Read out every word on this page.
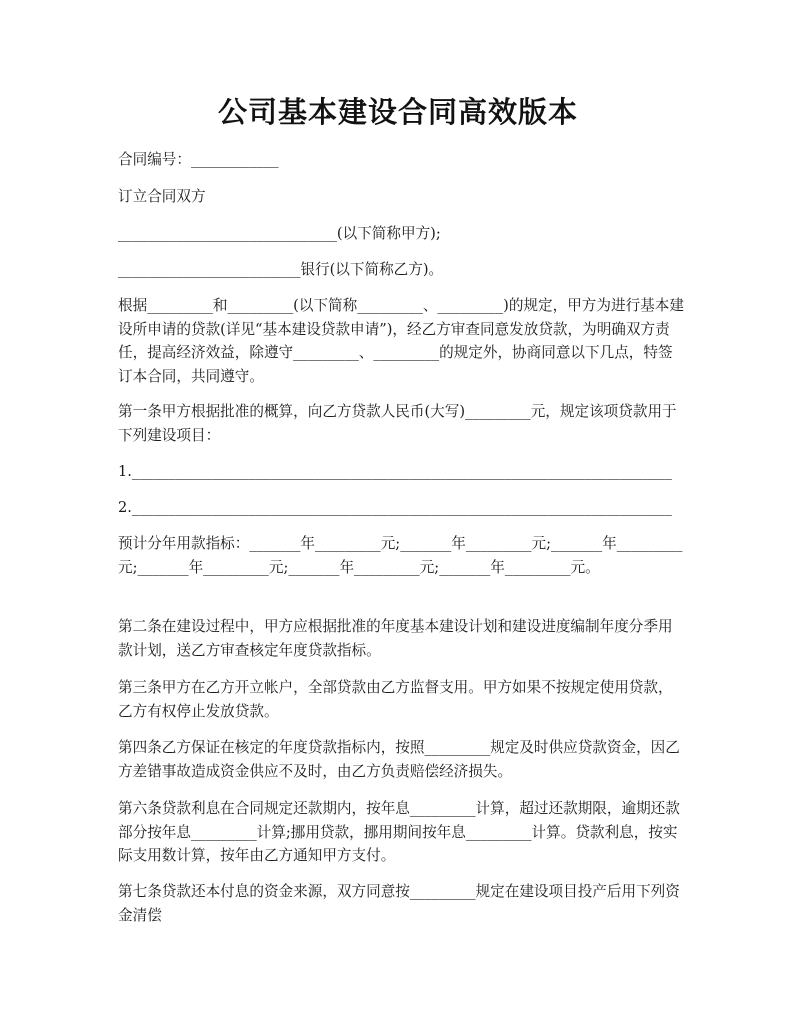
公司基本建设合同高效版本

合同编号：____________

订立合同双方

______________________________(以下简称甲方);

_________________________银行(以下简称乙方)。

根据_________和_________(以下简称_________、_________)的规定，甲方为进行基本建设所申请的贷款(详见“基本建设贷款申请”)，经乙方审查同意发放贷款，为明确双方责任，提高经济效益，除遵守_________、_________的规定外，协商同意以下几点，特签订本合同，共同遵守。

第一条甲方根据批准的概算，向乙方贷款人民币(大写)_________元，规定该项贷款用于下列建设项目：

1.__________________________________________________________________________

2.__________________________________________________________________________

预计分年用款指标：_______年_________元;_______年_________元;_______年_________元;_______年_________元;_______年_________元;_______年_________元。

第二条在建设过程中，甲方应根据批准的年度基本建设计划和建设进度编制年度分季用款计划，送乙方审查核定年度贷款指标。

第三条甲方在乙方开立帐户，全部贷款由乙方监督支用。甲方如果不按规定使用贷款，乙方有权停止发放贷款。

第四条乙方保证在核定的年度贷款指标内，按照_________规定及时供应贷款资金，因乙方差错事故造成资金供应不及时，由乙方负责赔偿经济损失。

第六条贷款利息在合同规定还款期内，按年息_________计算，超过还款期限，逾期还款部分按年息_________计算;挪用贷款，挪用期间按年息_________计算。贷款利息，按实际支用数计算，按年由乙方通知甲方支付。

第七条贷款还本付息的资金来源，双方同意按_________规定在建设项目投产后用下列资金清偿
